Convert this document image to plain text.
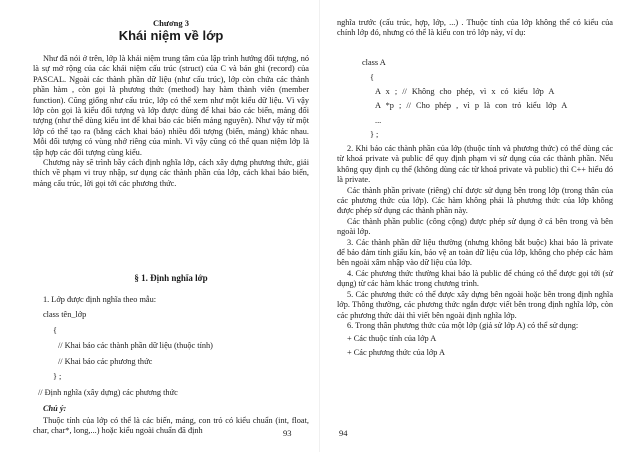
Chương 3
Khái niệm về lớp

Như đã nói ở trên, lớp là khái niệm trung tâm của lập trình hướng đối tượng, nó là sự mở rộng của các khái niệm cấu trúc (struct) của C và bản ghi (record) của PASCAL. Ngoài các thành phần dữ liệu (như cấu trúc), lớp còn chứa các thành phần hàm , còn gọi là phương thức (method) hay hàm thành viên (member function). Cũng giống như cấu trúc, lớp có thể xem như một kiểu dữ liệu. Vì vậy lớp còn gọi là kiểu đối tượng và lớp được dùng để khai báo các biến, mảng đối tượng (như thể dùng kiểu int để khai báo các biến mảng nguyên). Như vậy từ một lớp có thể tạo ra (bằng cách khai báo) nhiều đối tượng (biến, mảng) khác nhau. Mỗi đối tượng có vùng nhớ riêng của mình. Vì vậy cũng có thể quan niệm lớp là tập hợp các đối tượng cùng kiểu.

Chương này sẽ trình bầy cách định nghĩa lớp, cách xây dựng phương thức, giải thích về phạm vi truy nhập, sư dụng các thành phần của lớp, cách khai báo biến, mảng cấu trúc, lời gọi tới các phương thức.

§ 1. Định nghĩa lớp
1. Lớp được định nghĩa theo mẫu:
class tên_lớp
{
// Khai báo các thành phần dữ liệu (thuộc tính)
// Khai báo các phương thức
} ;
// Định nghĩa (xây dựng) các phương thức
Chú ý:

Thuộc tính của lớp có thể là các biến, mảng, con trỏ có kiểu chuẩn (int, float, char, char*, long,...) hoặc kiểu ngoài chuẩn đã định	93

nghĩa trước (cấu trúc, hợp, lớp, ...) . Thuộc tính của lớp không thể có kiểu của chính lớp đó, nhưng có thể là kiểu con trỏ lớp này, ví dụ:

class A
{
A x ; // Không cho phép, vì x có kiểu lớp A
A *p ; // Cho phép , vì p là con trỏ kiểu lớp A
...
} ;

2. Khi báo các thành phần của lớp (thuộc tính và phương thức) có thể dùng các từ khoá private và public để quy định phạm vi sử dụng của các thành phần. Nếu không quy định cụ thể (không dùng các từ khoá private và public) thì C++ hiểu đó là private.

Các thành phần private (riêng) chỉ được sử dụng bên trong lớp (trong thân của các phương thức của lớp). Các hàm không phải là phương thức của lớp không được phép sử dụng các thành phần này.

Các thành phần public (công cộng) được phép sử dụng ở cả bên trong và bên ngoài lớp.

3. Các thành phần dữ liệu thường (nhưng không bắt buộc) khai báo là private để bảo đảm tính giấu kín, bảo vệ an toàn dữ liệu của lớp, không cho phép các hàm bên ngoài xâm nhập vào dữ liệu của lớp.

4. Các phương thức thường khai báo là public để chúng có thể được gọi tới (sử dụng) từ các hàm khác trong chương trình.

5. Các phương thức có thể được xây dựng bên ngoài hoặc bên trong định nghĩa lớp. Thông thường, các phương thức ngắn được viết bên trong định nghĩa lớp, còn các phương thức dài thì viết bên ngoài định nghĩa lớp.

6. Trong thân phương thức của một lớp (giả sử lớp A) có thể sử dụng:

+ Các thuộc tính của lớp A

+ Các phương thức của lớp A

94
